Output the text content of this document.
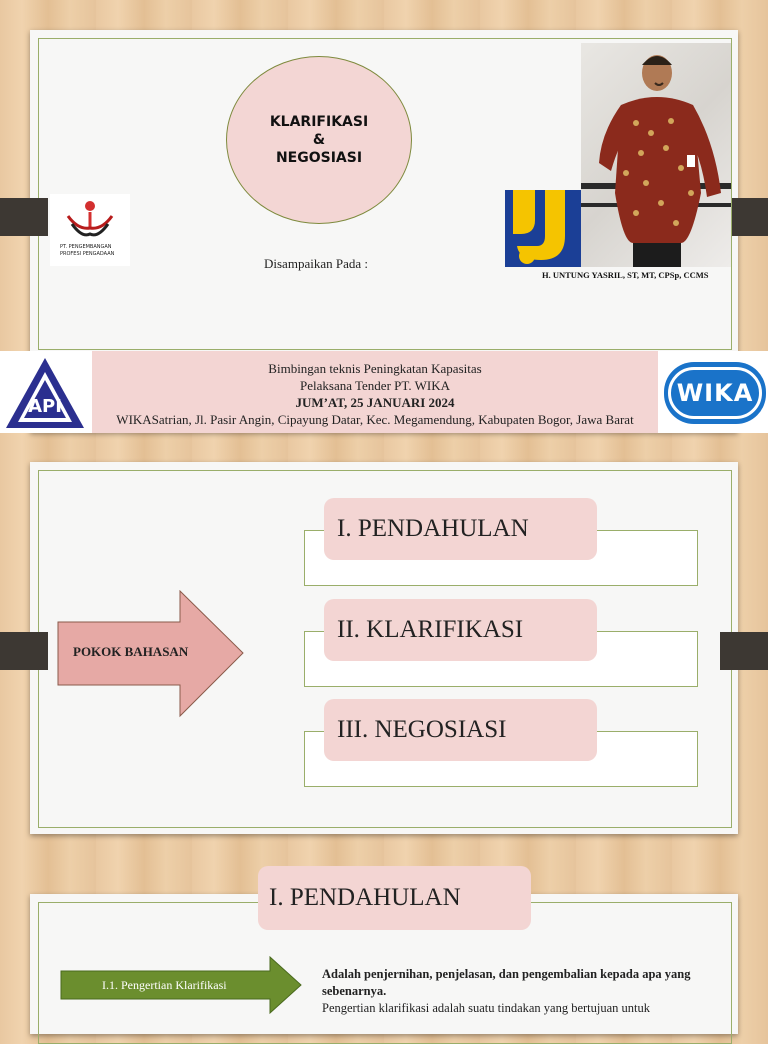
KLARIFIKASI
&
NEGOSIASI
PT. PENGEMBANGAN
PROFESI PENGADAAN
Disampaikan Pada :
H. UNTUNG YASRIL, ST, MT, CPSp, CCMS
API
Bimbingan teknis Peningkatan Kapasitas
Pelaksana Tender PT. WIKA
JUM’AT, 25 JANUARI 2024
WIKASatrian, Jl. Pasir Angin, Cipayung Datar, Kec. Megamendung, Kabupaten Bogor, Jawa Barat
WIKA
POKOK BAHASAN
I. PENDAHULAN
II. KLARIFIKASI
III. NEGOSIASI
I. PENDAHULAN
I.1. Pengertian Klarifikasi
Adalah penjernihan, penjelasan, dan pengembalian kepada apa yang sebenarnya.
Pengertian klarifikasi adalah suatu tindakan yang bertujuan untuk
